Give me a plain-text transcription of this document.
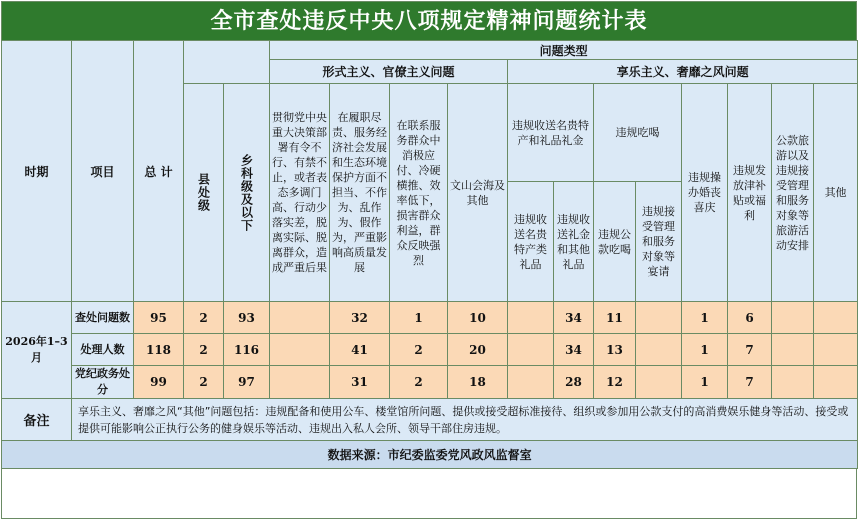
全市查处违反中央八项规定精神问题统计表
时期	项目	总 计			问题类型											
					形式主义、官僚主义问题				享乐主义、奢靡之风问题							

			县处级	乡科级及以下	贯彻党中央重大决策部署有令不行、有禁不止，或者表态多调门高、行动少落实差，脱离实际、脱离群众，造成严重后果	在履职尽责、服务经济社会发展和生态环境保护方面不担当、不作为、乱作为、假作为，严重影响高质量发展	在联系服务群众中消极应付、冷硬横推、效率低下，损害群众利益，群众反映强烈	文山会海及其他	违规收送名贵特产和礼品礼金		违规吃喝		违规操办婚丧喜庆	违规发放津补贴或福利	公款旅游以及违规接受管理和服务对象等旅游活动安排	其他
									违规收送名贵特产类礼品	违规收送礼金和其他礼品	违规公款吃喝	违规接受管理和服务对象等宴请				

2026年1–3月	查处问题数	95	2	93		32	1	10		34	11		1	6		
	处理人数	118	2	116		41	2	20		34	13		1	7		
	党纪政务处分	99	2	97		31	2	18		28	12		1	7		
备注	享乐主义、奢靡之风“其他”问题包括：违规配备和使用公车、楼堂馆所问题、提供或接受超标准接待、组织或参加用公款支付的高消费娱乐健身等活动、接受或提供可能影响公正执行公务的健身娱乐等活动、违规出入私人会所、领导干部住房违规。															
数据来源：市纪委监委党风政风监督室																
